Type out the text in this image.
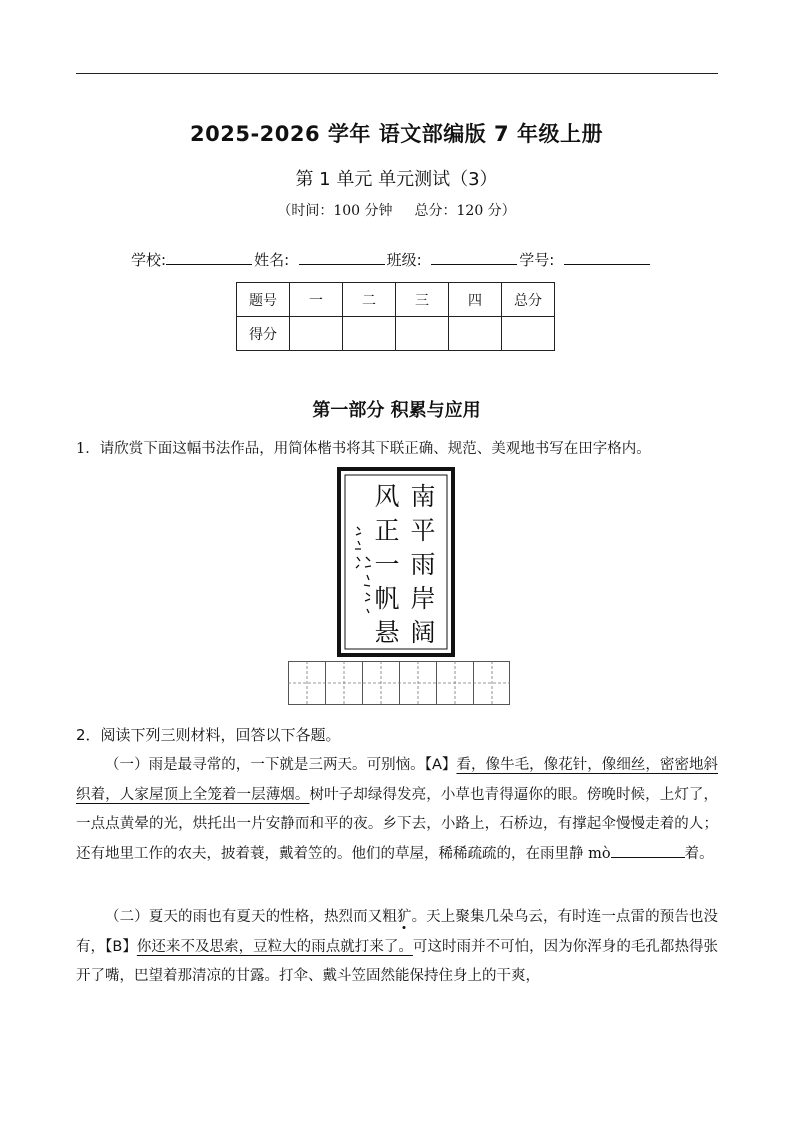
2025-2026 学年 语文部编版 7 年级上册
第 1 单元 单元测试（3）
（时间：100 分钟 总分：120 分）
学校:	姓名:	班级:	学号:
题号	一	二	三	四	总分
得分					
第一部分 积累与应用
1．请欣赏下面这幅书法作品，用简体楷书将其下联正确、规范、美观地书写在田字格内。
南
平
雨
岸
阔
风
正
一
帆
悬
2．阅读下列三则材料，回答以下各题。

（一）雨是最寻常的，一下就是三两天。可别恼。【A】看，像牛毛，像花针，像细丝，密密地斜织着，人家屋顶上全笼着一层薄烟。树叶子却绿得发亮，小草也青得逼你的眼。傍晚时候，上灯了，一点点黄晕的光，烘托出一片安静而和平的夜。乡下去，小路上，石桥边，有撑起伞慢慢走着的人；还有地里工作的农夫，披着蓑，戴着笠的。他们的草屋，稀稀疏疏的，在雨里静 mò	着。

（二）夏天的雨也有夏天的性格，热烈而又粗犷。天上聚集几朵乌云，有时连一点雷的预告也没有，【B】你还来不及思索，豆粒大的雨点就打来了。可这时雨并不可怕，因为你浑身的毛孔都热得张开了嘴，巴望着那清凉的甘露。打伞、戴斗笠固然能保持住身上的干爽，
